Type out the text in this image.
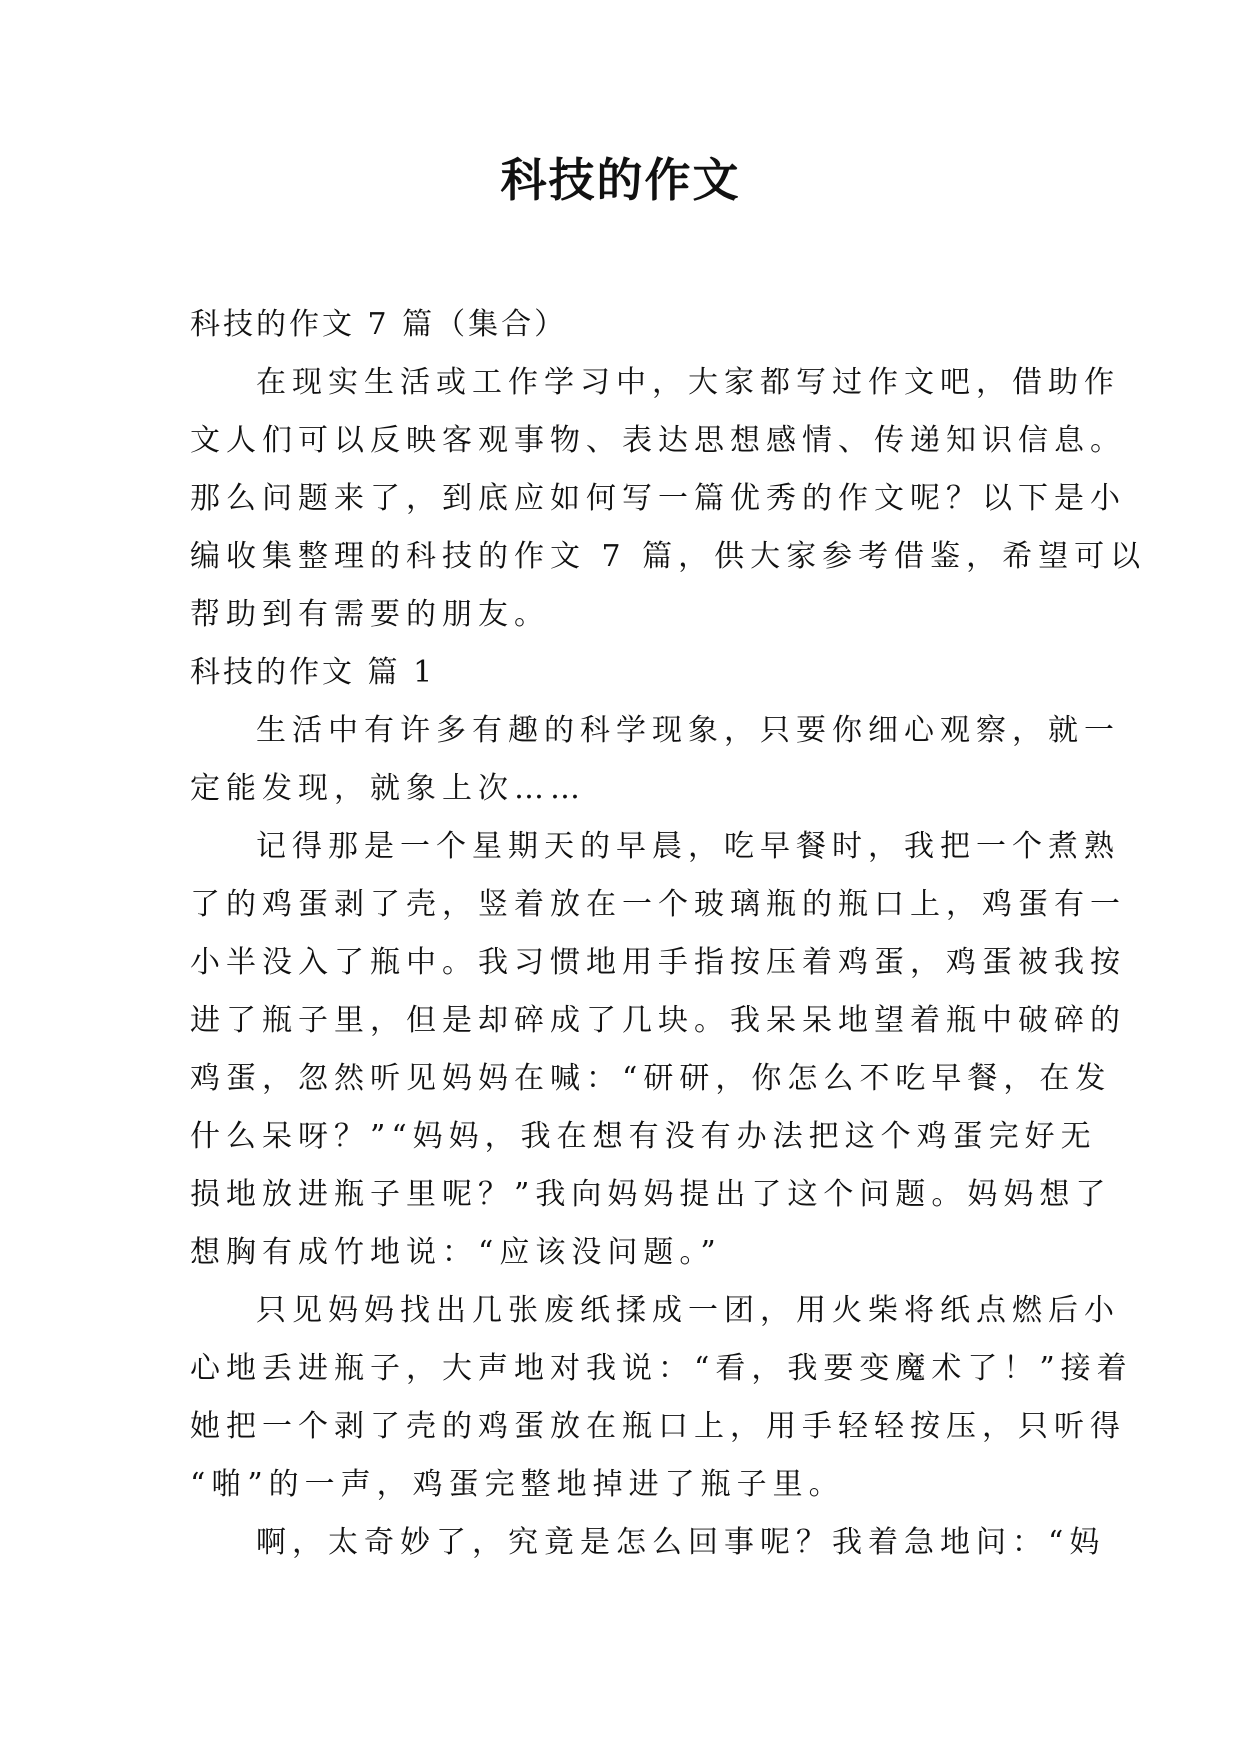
科技的作文
科技的作文 7 篇（集合）
在现实生活或工作学习中，大家都写过作文吧，借助作
文人们可以反映客观事物、表达思想感情、传递知识信息。
那么问题来了，到底应如何写一篇优秀的作文呢？以下是小
编收集整理的科技的作文 7 篇，供大家参考借鉴，希望可以
帮助到有需要的朋友。
科技的作文 篇 1
生活中有许多有趣的科学现象，只要你细心观察，就一
定能发现，就象上次……
记得那是一个星期天的早晨，吃早餐时，我把一个煮熟
了的鸡蛋剥了壳，竖着放在一个玻璃瓶的瓶口上，鸡蛋有一
小半没入了瓶中。我习惯地用手指按压着鸡蛋，鸡蛋被我按
进了瓶子里，但是却碎成了几块。我呆呆地望着瓶中破碎的
鸡蛋，忽然听见妈妈在喊：“研研，你怎么不吃早餐，在发
什么呆呀？”“妈妈，我在想有没有办法把这个鸡蛋完好无
损地放进瓶子里呢？”我向妈妈提出了这个问题。妈妈想了
想胸有成竹地说：“应该没问题。”
只见妈妈找出几张废纸揉成一团，用火柴将纸点燃后小
心地丢进瓶子，大声地对我说：“看，我要变魔术了！”接着
她把一个剥了壳的鸡蛋放在瓶口上，用手轻轻按压，只听得
“啪”的一声，鸡蛋完整地掉进了瓶子里。
啊，太奇妙了，究竟是怎么回事呢？我着急地问：“妈
